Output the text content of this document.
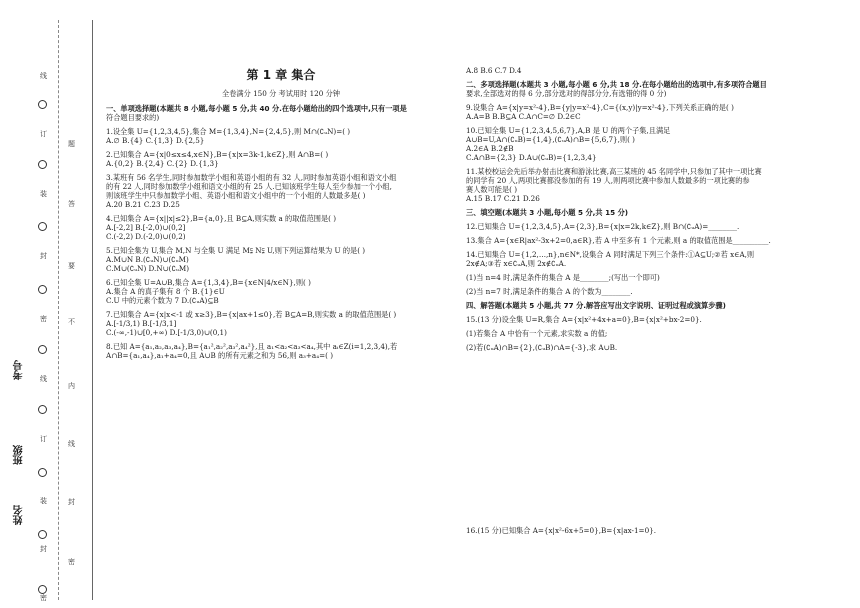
线
订
装
封
密
线
订
装
封
密
题
答
要
不
内
线
封
密
考号
班级
姓名

第 1 章 集合

全卷满分 150 分 考试用时 120 分钟

一、单项选择题(本题共 8 小题,每小题 5 分,共 40 分.在每小题给出的四个选项中,只有一项是

符合题目要求的)

1.设全集 U={1,2,3,4,5},集合 M={1,3,4},N={2,4,5},则 M∩(∁ᵤN)=( )

A.∅ B.{4} C.{1,3} D.{2,5}

2.已知集合 A={x|0≤x≤4,x∈N},B={x|x=3k-1,k∈Z},则 A∩B=( )

A.{0,2} B.{2,4} C.{2} D.{1,3}

3.某班有 56 名学生,同时参加数学小组和英语小组的有 32 人,同时参加英语小组和语文小组

的有 22 人,同时参加数学小组和语文小组的有 25 人.已知该班学生每人至少参加一个小组,

则该班学生中只参加数学小组、英语小组和语文小组中的一个小组的人数最多是( )

A.20 B.21 C.23 D.25

4.已知集合 A={x||x|≤2},B={a,0},且 B⊆A,则实数 a 的取值范围是( )

A.[-2,2] B.[-2,0)∪(0,2]

C.(-2,2) D.(-2,0)∪(0,2)

5.已知全集为 U,集合 M,N 与全集 U 满足 M⫋ N⫋ U,则下列运算结果为 U 的是( )

A.M∪N B.(∁ᵤN)∪(∁ᵤM)

C.M∪(∁ᵤN) D.N∪(∁ᵤM)

6.已知全集 U=A∪B,集合 A={1,3,4},B={x∈N|4/x∈N},则( )

A.集合 A 的真子集有 8 个 B.{1}∈U

C.U 中的元素个数为 7 D.(∁ᵤA)⊆B

7.已知集合 A={x|x<-1 或 x≥3},B={x|ax+1≤0},若 B⊆A=B,则实数 a 的取值范围是( )

A.[-1/3,1) B.[-1/3,1]

C.(-∞,-1)∪[0,+∞) D.[-1/3,0)∪(0,1)

8.已知 A={a₁,a₂,a₃,a₄},B={a₁²,a₂²,a₃²,a₄²},且 a₁<a₂<a₃<a₄,其中 aᵢ∈Z(i=1,2,3,4),若

A∩B={a₁,a₄},a₁+a₄=0,且 A∪B 的所有元素之和为 56,则 a₃+a₄=( )

A.8 B.6 C.7 D.4

二、多项选择题(本题共 3 小题,每小题 6 分,共 18 分.在每小题给出的选项中,有多项符合题目

要求,全部选对的得 6 分,部分选对的得部分分,有选错的得 0 分)

9.设集合 A={x|y=x²-4},B={y|y=x²-4},C={(x,y)|y=x²-4},下列关系正确的是( )

A.A=B B.B⊆A C.A∩C=∅ D.2∈C

10.已知全集 U={1,2,3,4,5,6,7},A,B 是 U 的两个子集,且满足

A∪B=U,A∩(∁ᵤB)={1,4},(∁ᵤA)∩B={5,6,7},则( )

A.2∈A B.2∉B

C.A∩B={2,3} D.A∪(∁ᵤB)={1,2,3,4}

11.某校校运会先后举办射击比赛和游泳比赛,高三某班的 45 名同学中,只参加了其中一项比赛

的同学有 20 人,两项比赛都没参加的有 19 人,则两项比赛中参加人数最多的一项比赛的参

赛人数可能是( )

A.15 B.17 C.21 D.26

三、填空题(本题共 3 小题,每小题 5 分,共 15 分)

12.已知集合 U={1,2,3,4,5},A={2,3},B={x|x=2k,k∈Z},则 B∩(∁ᵤA)=________.

13.集合 A={x∈R|ax²-3x+2=0,a∈R},若 A 中至多有 1 个元素,则 a 的取值范围是__________.

14.已知集合 U={1,2,…,n},n∈N*,设集合 A 同时满足下列三个条件:①A⊆U;②若 x∈A,则

2x∉A;③若 x∈∁ᵤA,则 2x∉∁ᵤA.

(1)当 n=4 时,满足条件的集合 A 是________;(写出一个即可)

(2)当 n=7 时,满足条件的集合 A 的个数为________.

四、解答题(本题共 5 小题,共 77 分.解答应写出文字说明、证明过程或演算步骤)

15.(13 分)设全集 U=R,集合 A={x|x²+4x+a=0},B={x|x²+bx-2=0}.

(1)若集合 A 中恰有一个元素,求实数 a 的值;

(2)若(∁ᵤA)∩B={2},(∁ᵤB)∩A={-3},求 A∪B.

16.(15 分)已知集合 A={x|x²-6x+5=0},B={x|ax-1=0}.
